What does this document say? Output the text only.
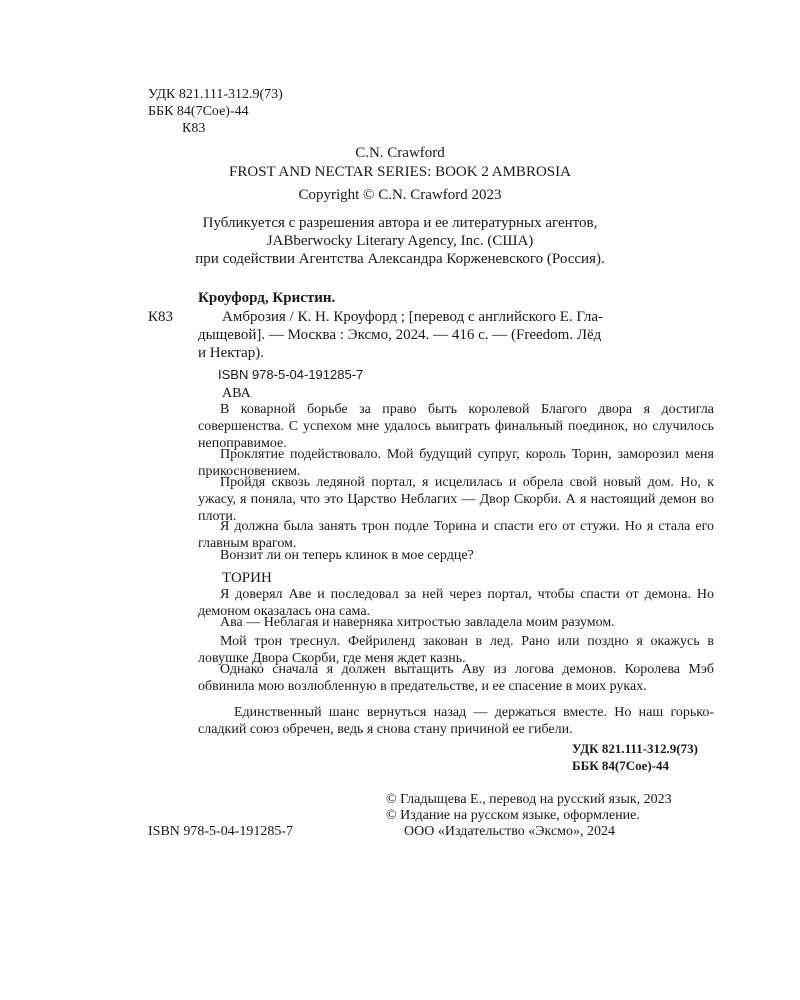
УДК 821.111-312.9(73)
ББК 84(7Сое)-44
К83
C.N. Crawford
FROST AND NECTAR SERIES: BOOK 2 AMBROSIA
Copyright © C.N. Crawford 2023
Публикуется с разрешения автора и ее литературных агентов,
JABberwocky Literary Agency, Inc. (США)
при содействии Агентства Александра Корженевского (Россия).
Кроуфорд, Кристин.
К83	Амброзия / К. Н. Кроуфорд ; [перевод с английского Е. Гла-
дыщевой]. — Москва : Эксмо, 2024. — 416 с. — (Freedom. Лёд
и Нектар).
ISBN 978-5-04-191285-7
АВА
В коварной борьбе за право быть королевой Благого двора я достигла совершенства. С успехом мне удалось выиграть финальный поединок, но случилось непоправимое.
Проклятие подействовало. Мой будущий супруг, король Торин, заморозил меня прикосновением.
Пройдя сквозь ледяной портал, я исцелилась и обрела свой новый дом. Но, к ужасу, я поняла, что это Царство Неблагих — Двор Скорби. А я настоящий демон во плоти.
Я должна была занять трон подле Торина и спасти его от стужи. Но я стала его главным врагом.
Вонзит ли он теперь клинок в мое сердце?
ТОРИН
Я доверял Аве и последовал за ней через портал, чтобы спасти от демона. Но демоном оказалась она сама.
Ава — Неблагая и наверняка хитростью завладела моим разумом.
Мой трон треснул. Фейриленд закован в лед. Рано или поздно я окажусь в ловушке Двора Скорби, где меня ждет казнь.
Однако сначала я должен вытащить Аву из логова демонов. Королева Мэб обвинила мою возлюбленную в предательстве, и ее спасение в моих руках.
Единственный шанс вернуться назад — держаться вместе. Но наш горько-сладкий союз обречен, ведь я снова стану причиной ее гибели.
УДК 821.111-312.9(73)
ББК 84(7Сое)-44
© Гладыщева Е., перевод на русский язык, 2023
© Издание на русском языке, оформление.
ISBN 978-5-04-191285-7	ООО «Издательство «Эксмо», 2024
